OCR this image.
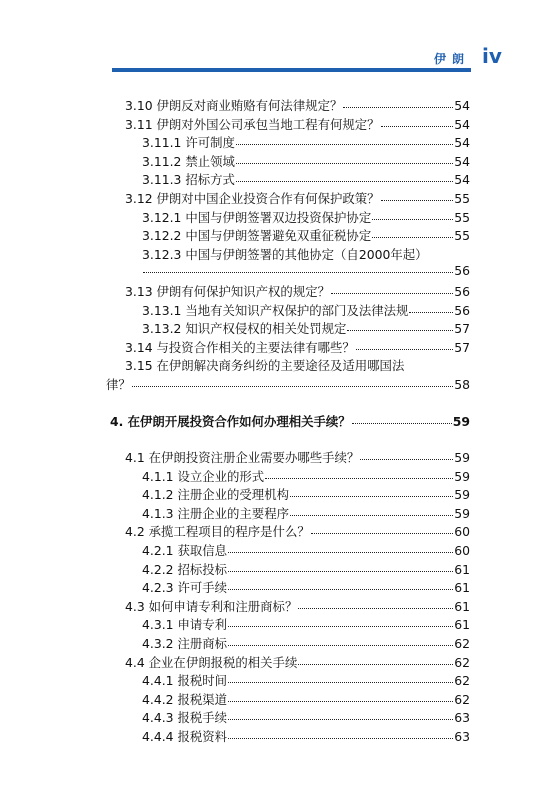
伊朗 iv
3.10 伊朗反对商业贿赂有何法律规定？	54
3.11 伊朗对外国公司承包当地工程有何规定？	54
3.11.1 许可制度	54
3.11.2 禁止领域	54
3.11.3 招标方式	54
3.12 伊朗对中国企业投资合作有何保护政策？	55
3.12.1 中国与伊朗签署双边投资保护协定	55
3.12.2 中国与伊朗签署避免双重征税协定	55
3.12.3 中国与伊朗签署的其他协定（自2000年起）
56
3.13 伊朗有何保护知识产权的规定？	56
3.13.1 当地有关知识产权保护的部门及法律法规	56
3.13.2 知识产权侵权的相关处罚规定	57
3.14 与投资合作相关的主要法律有哪些？	57
3.15 在伊朗解决商务纠纷的主要途径及适用哪国法
律？	58
4. 在伊朗开展投资合作如何办理相关手续？	59
4.1 在伊朗投资注册企业需要办哪些手续？	59
4.1.1 设立企业的形式	59
4.1.2 注册企业的受理机构	59
4.1.3 注册企业的主要程序	59
4.2 承揽工程项目的程序是什么？	60
4.2.1 获取信息	60
4.2.2 招标投标	61
4.2.3 许可手续	61
4.3 如何申请专利和注册商标？	61
4.3.1 申请专利	61
4.3.2 注册商标	62
4.4 企业在伊朗报税的相关手续	62
4.4.1 报税时间	62
4.4.2 报税渠道	62
4.4.3 报税手续	63
4.4.4 报税资料	63
